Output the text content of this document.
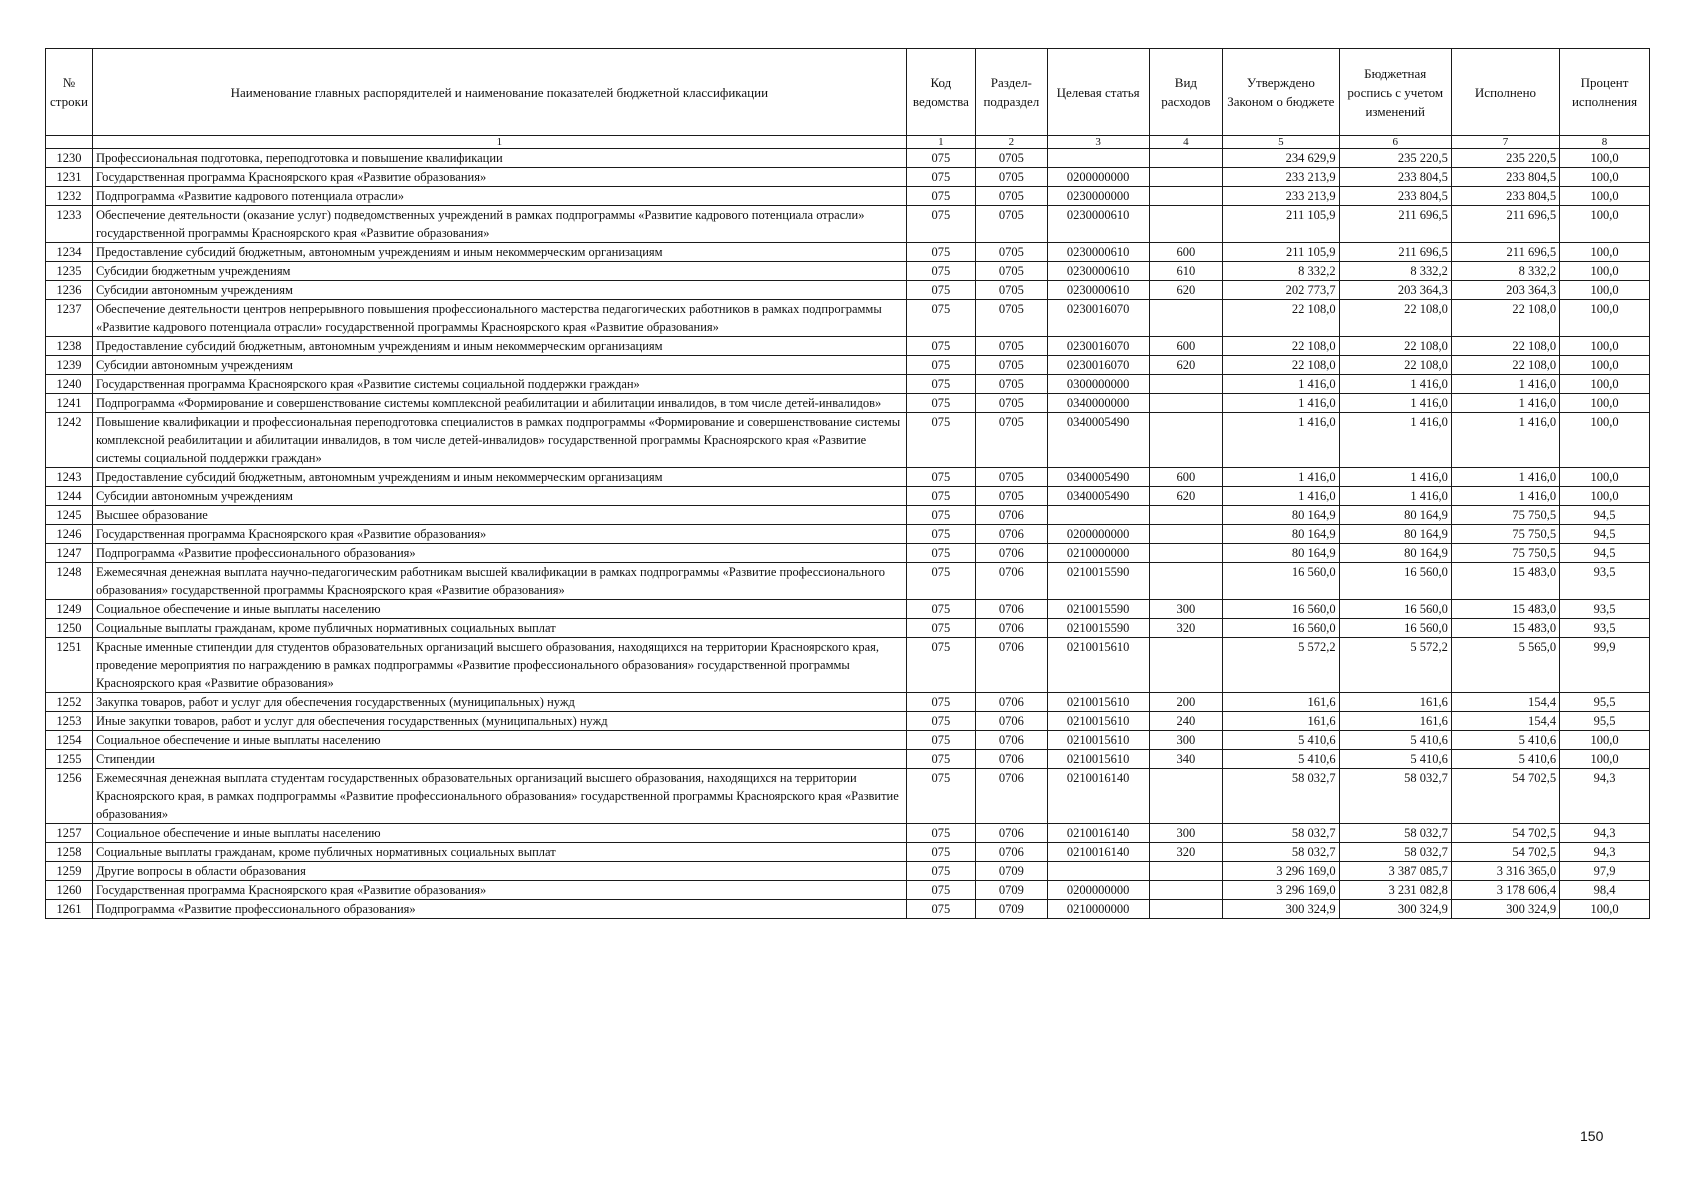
№ строки	Наименование главных распорядителей и наименование показателей бюджетной классификации	Код ведомства	Раздел-подраздел	Целевая статья	Вид расходов	Утверждено Законом о бюджете	Бюджетная роспись с учетом изменений	Исполнено	Процент исполнения
	1	1	2	3	4	5	6	7	8
1230	Профессиональная подготовка, переподготовка и повышение квалификации	075	0705			234 629,9	235 220,5	235 220,5	100,0
1231	Государственная программа Красноярского края «Развитие образования»	075	0705	0200000000		233 213,9	233 804,5	233 804,5	100,0
1232	Подпрограмма «Развитие кадрового потенциала отрасли»	075	0705	0230000000		233 213,9	233 804,5	233 804,5	100,0
1233	Обеспечение деятельности (оказание услуг) подведомственных учреждений в рамках подпрограммы «Развитие кадрового потенциала отрасли» государственной программы Красноярского края «Развитие образования»	075	0705	0230000610		211 105,9	211 696,5	211 696,5	100,0
1234	Предоставление субсидий бюджетным, автономным учреждениям и иным некоммерческим организациям	075	0705	0230000610	600	211 105,9	211 696,5	211 696,5	100,0
1235	Субсидии бюджетным учреждениям	075	0705	0230000610	610	8 332,2	8 332,2	8 332,2	100,0
1236	Субсидии автономным учреждениям	075	0705	0230000610	620	202 773,7	203 364,3	203 364,3	100,0
1237	Обеспечение деятельности центров непрерывного повышения профессионального мастерства педагогических работников в рамках подпрограммы «Развитие кадрового потенциала отрасли» государственной программы Красноярского края «Развитие образования»	075	0705	0230016070		22 108,0	22 108,0	22 108,0	100,0
1238	Предоставление субсидий бюджетным, автономным учреждениям и иным некоммерческим организациям	075	0705	0230016070	600	22 108,0	22 108,0	22 108,0	100,0
1239	Субсидии автономным учреждениям	075	0705	0230016070	620	22 108,0	22 108,0	22 108,0	100,0
1240	Государственная программа Красноярского края «Развитие системы социальной поддержки граждан»	075	0705	0300000000		1 416,0	1 416,0	1 416,0	100,0
1241	Подпрограмма «Формирование и совершенствование системы комплексной реабилитации и абилитации инвалидов, в том числе детей-инвалидов»	075	0705	0340000000		1 416,0	1 416,0	1 416,0	100,0
1242	Повышение квалификации и профессиональная переподготовка специалистов в рамках подпрограммы «Формирование и совершенствование системы комплексной реабилитации и абилитации инвалидов, в том числе детей-инвалидов» государственной программы Красноярского края «Развитие системы социальной поддержки граждан»	075	0705	0340005490		1 416,0	1 416,0	1 416,0	100,0
1243	Предоставление субсидий бюджетным, автономным учреждениям и иным некоммерческим организациям	075	0705	0340005490	600	1 416,0	1 416,0	1 416,0	100,0
1244	Субсидии автономным учреждениям	075	0705	0340005490	620	1 416,0	1 416,0	1 416,0	100,0
1245	Высшее образование	075	0706			80 164,9	80 164,9	75 750,5	94,5
1246	Государственная программа Красноярского края «Развитие образования»	075	0706	0200000000		80 164,9	80 164,9	75 750,5	94,5
1247	Подпрограмма «Развитие профессионального образования»	075	0706	0210000000		80 164,9	80 164,9	75 750,5	94,5
1248	Ежемесячная денежная выплата научно-педагогическим работникам высшей квалификации в рамках подпрограммы «Развитие профессионального образования» государственной программы Красноярского края «Развитие образования»	075	0706	0210015590		16 560,0	16 560,0	15 483,0	93,5
1249	Социальное обеспечение и иные выплаты населению	075	0706	0210015590	300	16 560,0	16 560,0	15 483,0	93,5
1250	Социальные выплаты гражданам, кроме публичных нормативных социальных выплат	075	0706	0210015590	320	16 560,0	16 560,0	15 483,0	93,5
1251	Красные именные стипендии для студентов образовательных организаций высшего образования, находящихся на территории Красноярского края, проведение мероприятия по награждению в рамках подпрограммы «Развитие профессионального образования» государственной программы Красноярского края «Развитие образования»	075	0706	0210015610		5 572,2	5 572,2	5 565,0	99,9
1252	Закупка товаров, работ и услуг для обеспечения государственных (муниципальных) нужд	075	0706	0210015610	200	161,6	161,6	154,4	95,5
1253	Иные закупки товаров, работ и услуг для обеспечения государственных (муниципальных) нужд	075	0706	0210015610	240	161,6	161,6	154,4	95,5
1254	Социальное обеспечение и иные выплаты населению	075	0706	0210015610	300	5 410,6	5 410,6	5 410,6	100,0
1255	Стипендии	075	0706	0210015610	340	5 410,6	5 410,6	5 410,6	100,0
1256	Ежемесячная денежная выплата студентам государственных образовательных организаций высшего образования, находящихся на территории Красноярского края, в рамках подпрограммы «Развитие профессионального образования» государственной программы Красноярского края «Развитие образования»	075	0706	0210016140		58 032,7	58 032,7	54 702,5	94,3
1257	Социальное обеспечение и иные выплаты населению	075	0706	0210016140	300	58 032,7	58 032,7	54 702,5	94,3
1258	Социальные выплаты гражданам, кроме публичных нормативных социальных выплат	075	0706	0210016140	320	58 032,7	58 032,7	54 702,5	94,3
1259	Другие вопросы в области образования	075	0709			3 296 169,0	3 387 085,7	3 316 365,0	97,9
1260	Государственная программа Красноярского края «Развитие образования»	075	0709	0200000000		3 296 169,0	3 231 082,8	3 178 606,4	98,4
1261	Подпрограмма «Развитие профессионального образования»	075	0709	0210000000		300 324,9	300 324,9	300 324,9	100,0
150
